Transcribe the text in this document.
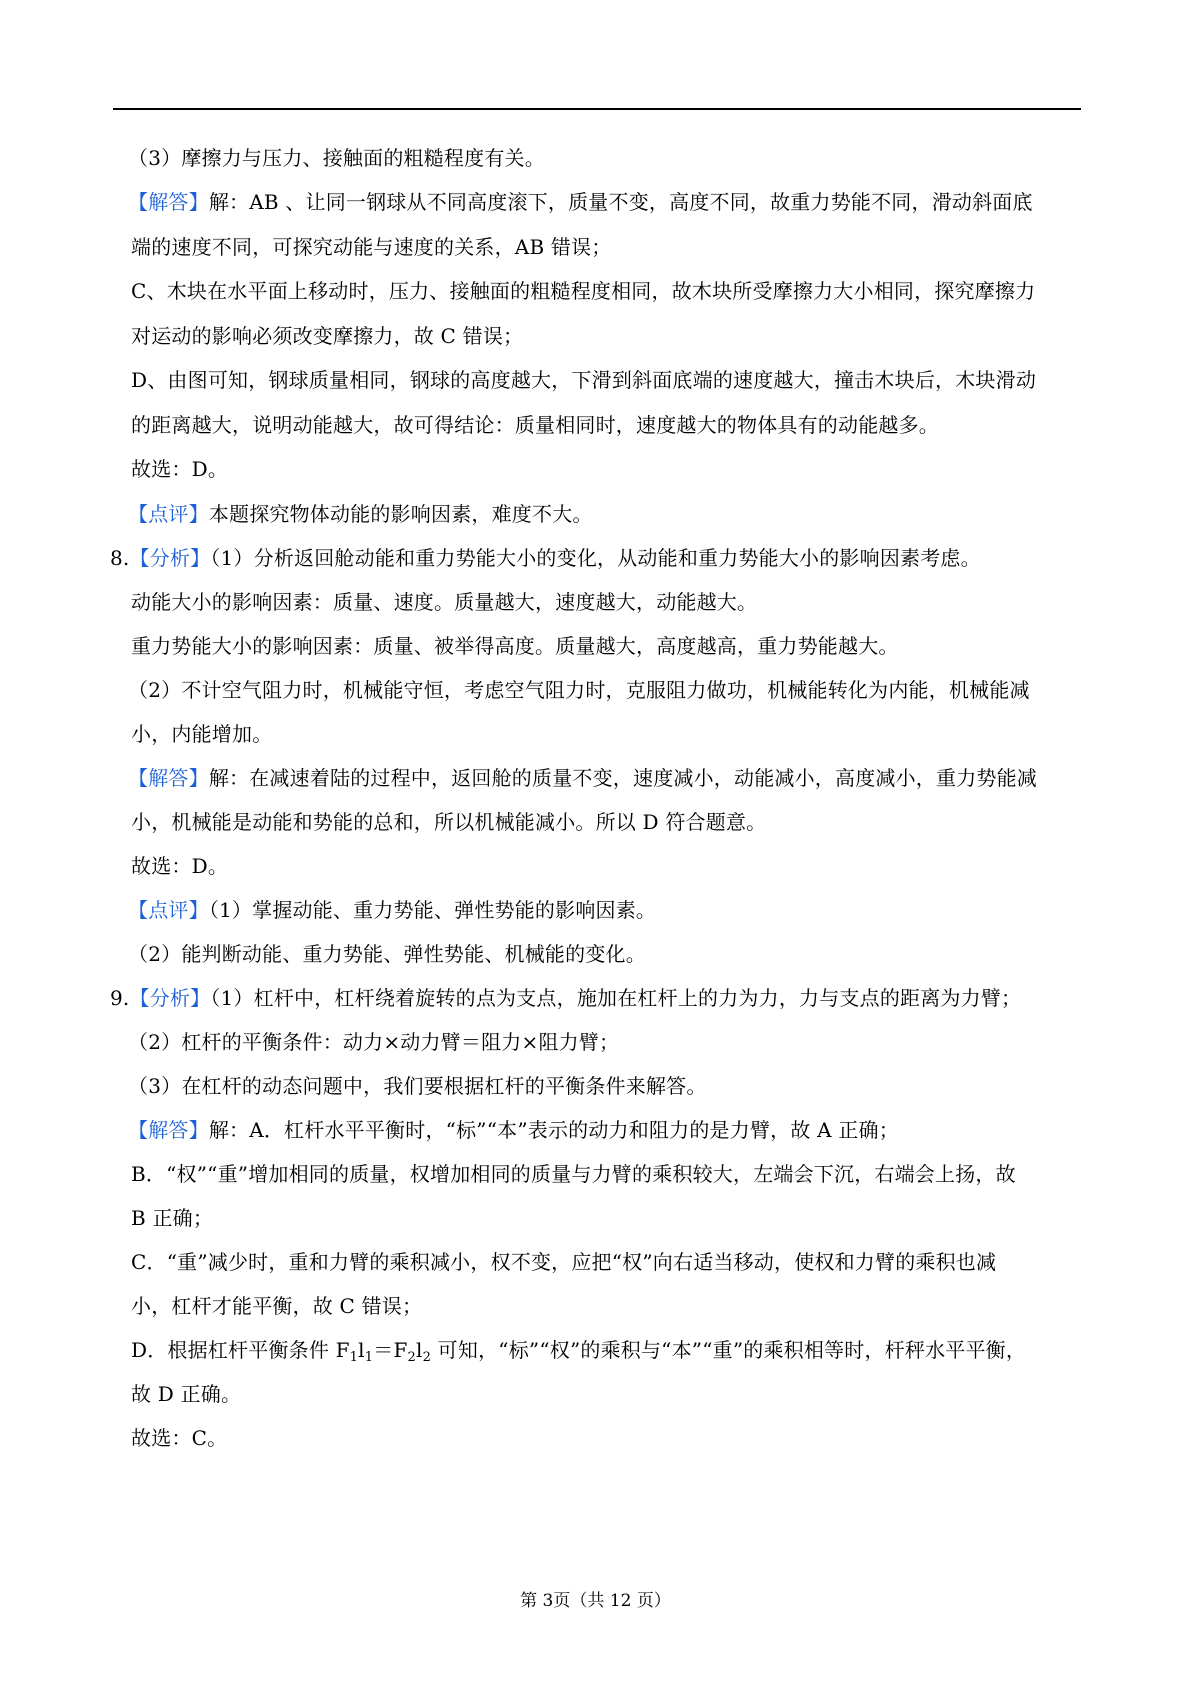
（3）摩擦力与压力、接触面的粗糙程度有关。
【解答】解：AB 、让同一钢球从不同高度滚下，质量不变，高度不同，故重力势能不同，滑动斜面底
端的速度不同，可探究动能与速度的关系，AB 错误；
C、木块在水平面上移动时，压力、接触面的粗糙程度相同，故木块所受摩擦力大小相同，探究摩擦力
对运动的影响必须改变摩擦力，故 C 错误；
D、由图可知，钢球质量相同，钢球的高度越大，下滑到斜面底端的速度越大，撞击木块后，木块滑动
的距离越大，说明动能越大，故可得结论：质量相同时，速度越大的物体具有的动能越多。
故选：D。
【点评】本题探究物体动能的影响因素，难度不大。
8.【分析】（1）分析返回舱动能和重力势能大小的变化，从动能和重力势能大小的影响因素考虑。
动能大小的影响因素：质量、速度。质量越大，速度越大，动能越大。
重力势能大小的影响因素：质量、被举得高度。质量越大，高度越高，重力势能越大。
（2）不计空气阻力时，机械能守恒，考虑空气阻力时，克服阻力做功，机械能转化为内能，机械能减
小，内能增加。
【解答】解：在减速着陆的过程中，返回舱的质量不变，速度减小，动能减小，高度减小，重力势能减
小，机械能是动能和势能的总和，所以机械能减小。所以 D 符合题意。
故选：D。
【点评】（1）掌握动能、重力势能、弹性势能的影响因素。
（2）能判断动能、重力势能、弹性势能、机械能的变化。
9.【分析】（1）杠杆中，杠杆绕着旋转的点为支点，施加在杠杆上的力为力，力与支点的距离为力臂；
（2）杠杆的平衡条件：动力×动力臂＝阻力×阻力臂；
（3）在杠杆的动态问题中，我们要根据杠杆的平衡条件来解答。
【解答】解：A．杠杆水平平衡时，“标”“本”表示的动力和阻力的是力臂，故 A 正确；
B．“权”“重”增加相同的质量，权增加相同的质量与力臂的乘积较大，左端会下沉，右端会上扬，故
B 正确；
C．“重”减少时，重和力臂的乘积减小，权不变，应把“权”向右适当移动，使权和力臂的乘积也减
小，杠杆才能平衡，故 C 错误；
D．根据杠杆平衡条件 $F_1l_1=F_2l_2$ 可知，“标”“权”的乘积与“本”“重”的乘积相等时，杆秤水平平衡，
故 D 正确。
故选：C。
第 3页（共 12 页）
